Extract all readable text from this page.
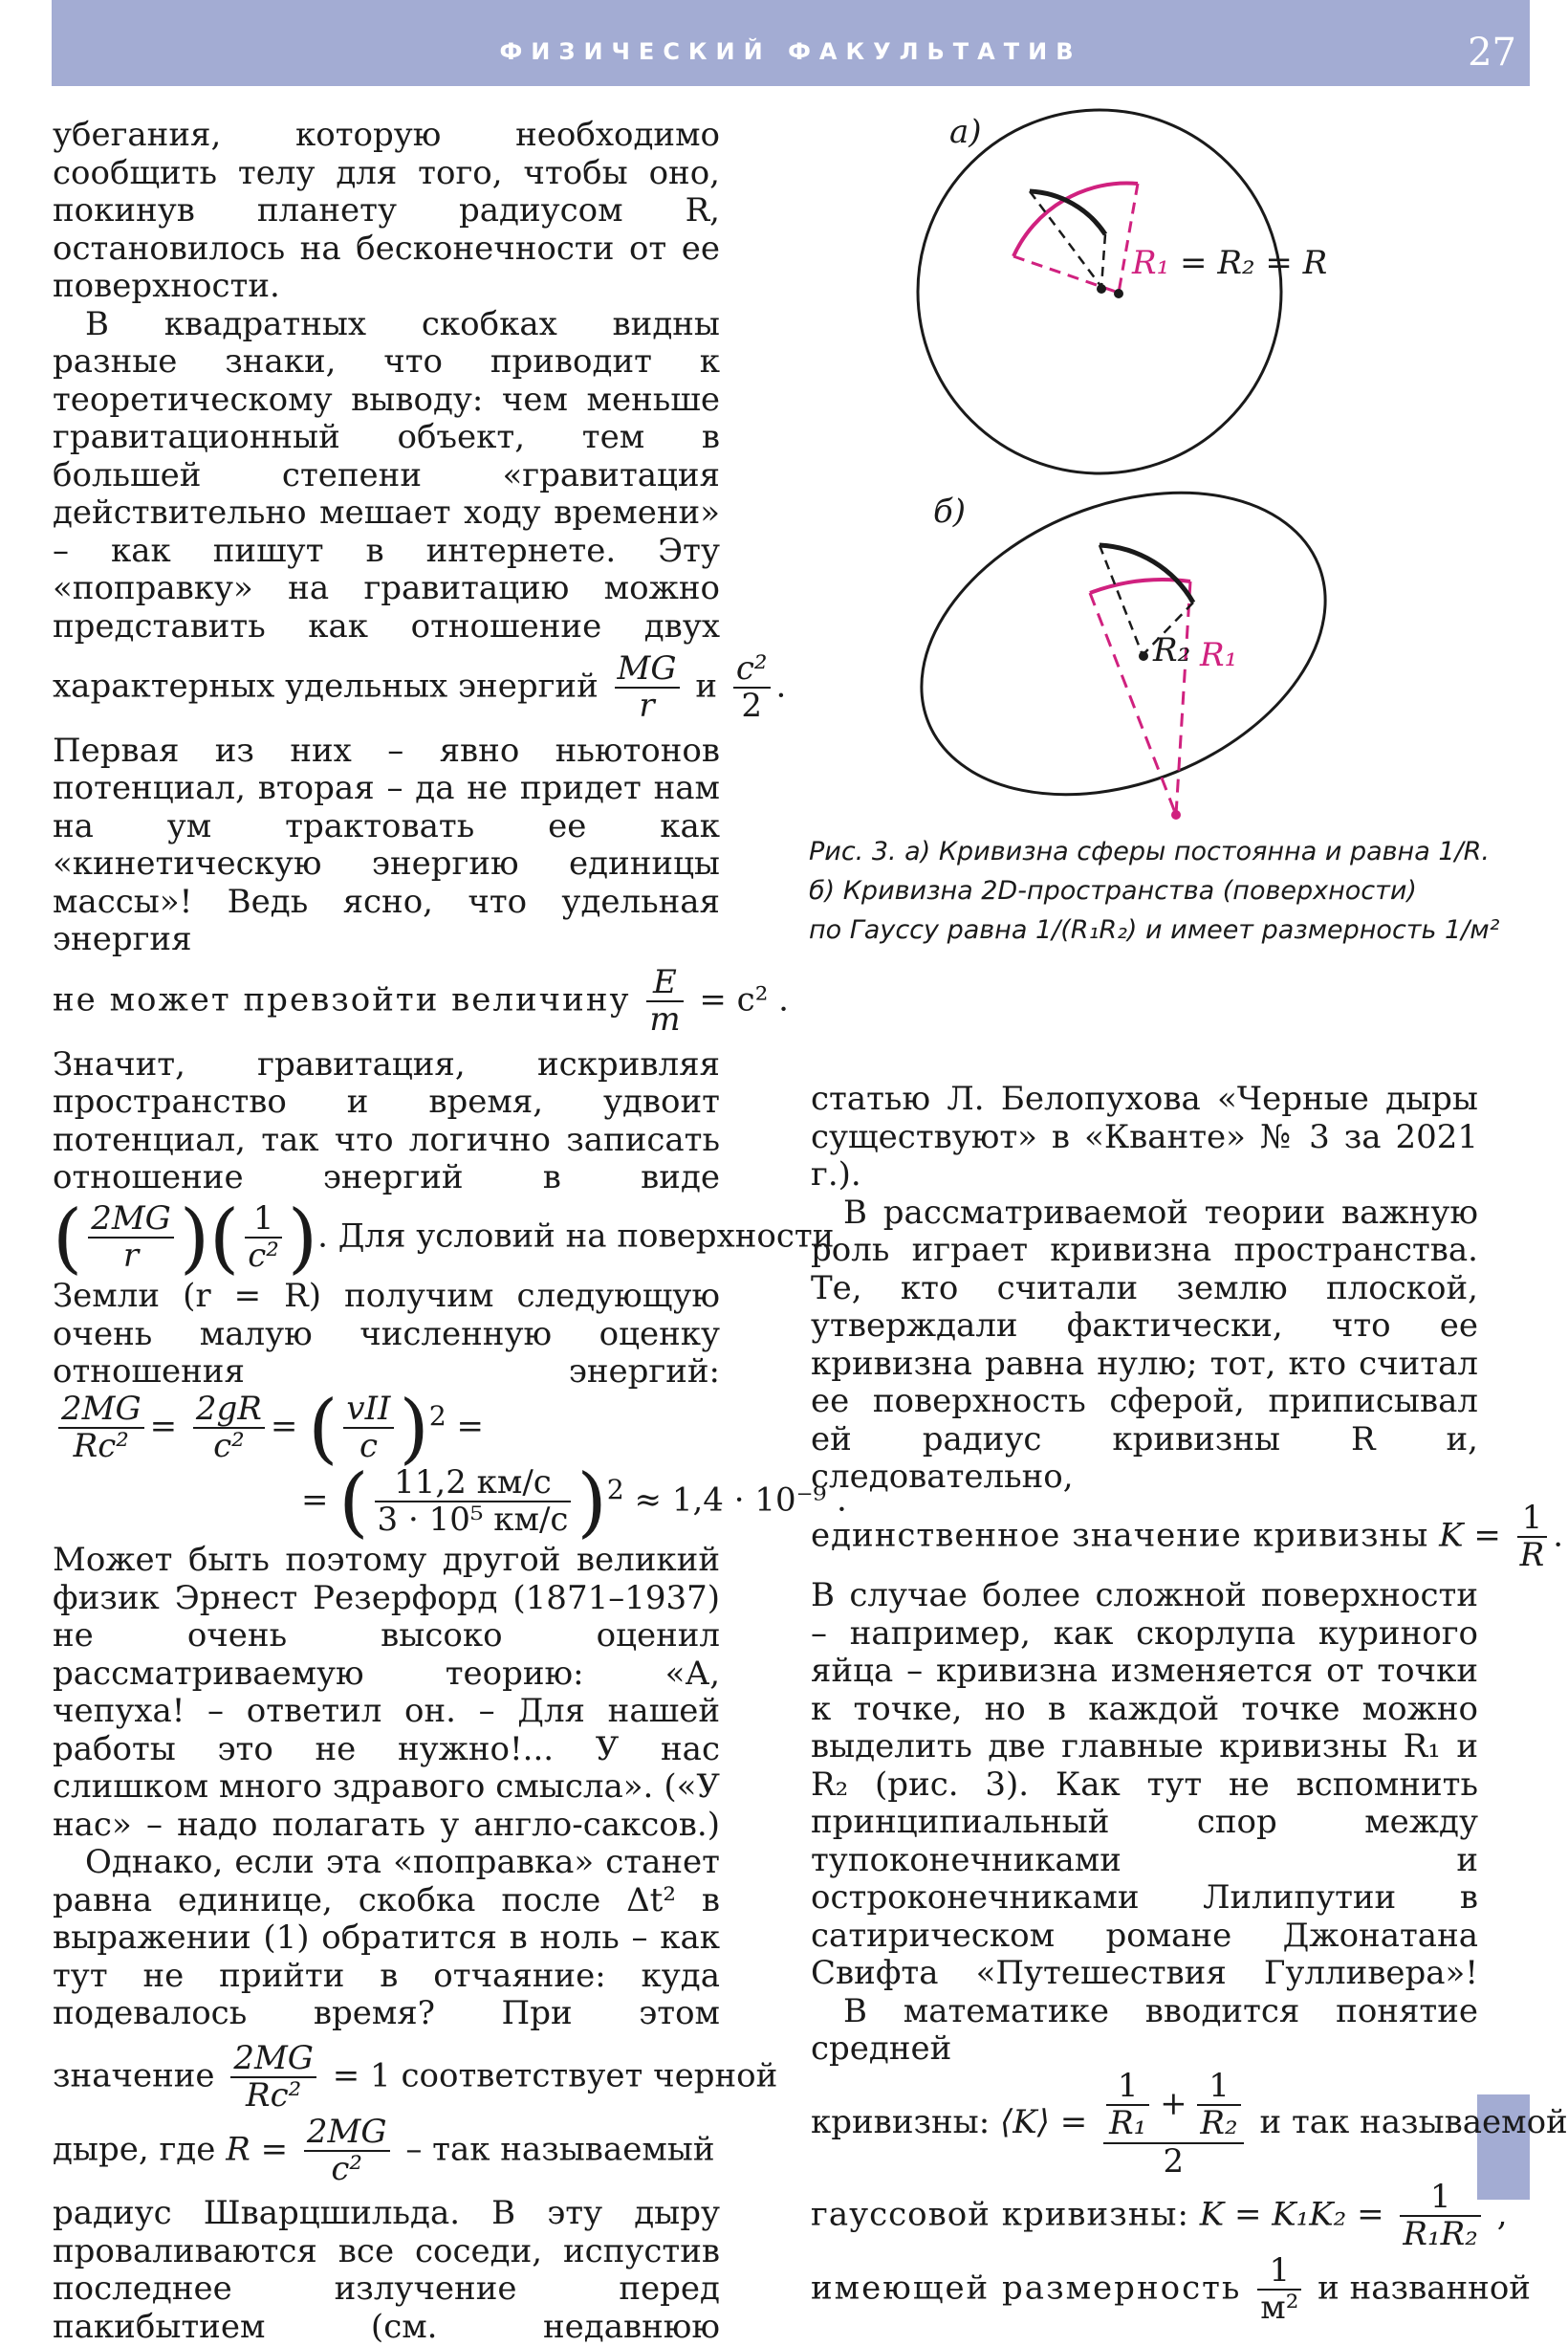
ФИЗИЧЕСКИЙ ФАКУЛЬТАТИВ	27

убегания, которую необходимо сообщить телу для того, чтобы оно, покинув планету радиусом R, остановилось на бесконечности от ее поверхности.

В квадратных скобках видны разные знаки, что приводит к теоретическому выводу: чем меньше гравитационный объект, тем в большей степени «гравитация действительно мешает ходу времени» – как пишут в интернете. Эту «поправку» на гравитацию можно представить как отношение двух

характерных удельных энергий $\frac{MG}{r}$ и $\frac{\text{c²}}{2}$ .

Первая из них – явно ньютонов потенциал, вторая – да не придет нам на ум трактовать ее как «кинетическую энергию единицы массы»! Ведь ясно, что удельная энергия

не может превзойти величину $\frac{E}{m} = c^2$ .

Значит, гравитация, искривляя пространство и время, удвоит потенциал, так что логично записать отношение энергий в виде

( $\frac{2MG}{r}$ )( $\frac{1}{\text{c²}}$ ). Для условий на поверхности

Земли (r = R) получим следующую очень малую численную оценку отношения энергий:

$\frac{2MG}{\text{Rc²}} = \frac{2gR}{\text{c²}}$ = ( $\frac{\text{vII}}{c} )^2$ =

= ( $\frac{11,2 км/с}{\text{3 · 10⁵ км/с}} )^2 \approx 1,4 \cdot 10^{-9}$ .

Может быть поэтому другой великий физик Эрнест Резерфорд (1871–1937) не очень высоко оценил рассматриваемую теорию: «А, чепуха! – ответил он. – Для нашей работы это не нужно!... У нас слишком много здравого смысла». («У нас» – надо полагать у англо-саксов.)

Однако, если эта «поправка» станет равна единице, скобка после Δt² в выражении (1) обратится в ноль – как тут не прийти в отчаяние: куда подевалось время? При этом

значение $\frac{2MG}{\text{Rc²}} = 1$ соответствует черной

дыре, где $R = \frac{2MG}{\text{c²}}$ – так называемый

радиус Шварцшильда. В эту дыру проваливаются все соседи, испустив последнее излучение перед пакибытием (см. недавнюю

а)
б)
R₁ = R₂ = R
R₂ R₁

Рис. 3. а) Кривизна сферы постоянна и равна 1/R.

б) Кривизна 2D-пространства (поверхности)

по Гауссу равна 1/(R₁R₂) и имеет размерность 1/м²

статью Л. Белопухова «Черные дыры существуют» в «Кванте» № 3 за 2021 г.).

В рассматриваемой теории важную роль играет кривизна пространства. Те, кто считали землю плоской, утверждали фактически, что ее кривизна равна нулю; тот, кто считал ее поверхность сферой, приписывал ей радиус кривизны R и, следовательно,

единственное значение кривизны $K = \frac{1}{R}$ .

В случае более сложной поверхности – например, как скорлупа куриного яйца – кривизна изменяется от точки к точке, но в каждой точке можно выделить две главные кривизны R₁ и R₂ (рис. 3). Как тут не вспомнить принципиальный спор между тупоконечниками и остроконечниками Лилипутии в сатирическом романе Джонатана Свифта «Путешествия Гулливера»!

В математике вводится понятие средней

кривизны: ⟨K⟩ = $\frac{\frac{1}{\text{R₁}} + \frac{1}{\text{R₂}}}{2}$ и так называемой

гауссовой кривизны: $K = K_1K_2 = \frac{1}{\text{R₁R₂}}$ ,

имеющей размерность $\frac{1}{\text{м²}}$ и названной
